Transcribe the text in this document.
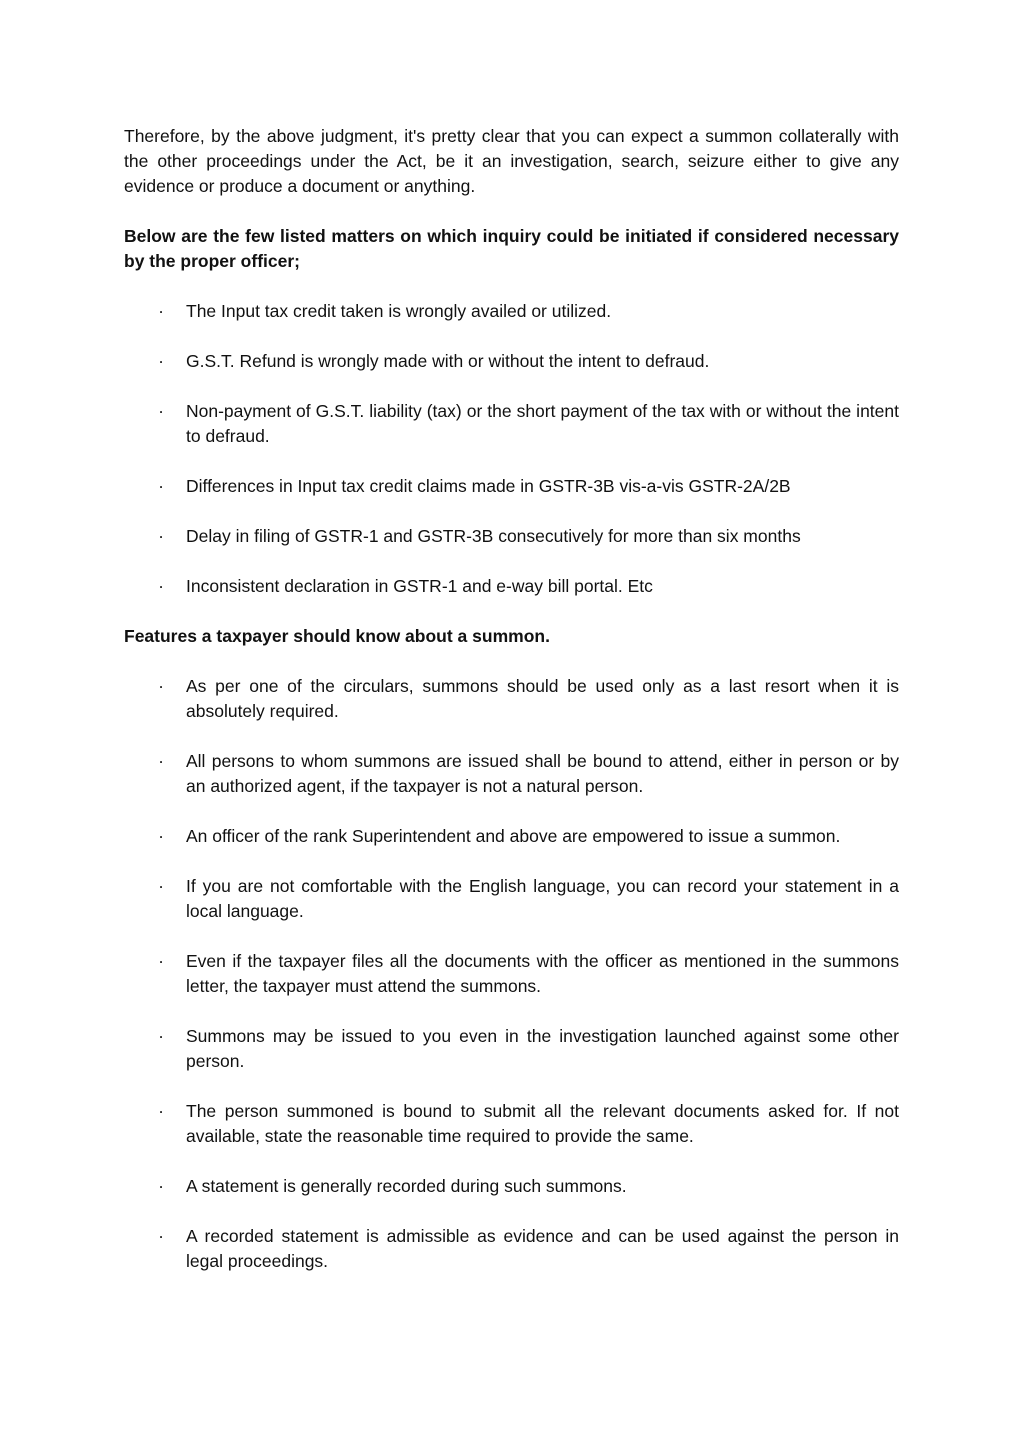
Therefore, by the above judgment, it's pretty clear that you can expect a summon collaterally with the other proceedings under the Act, be it an investigation, search, seizure either to give any evidence or produce a document or anything.

Below are the few listed matters on which inquiry could be initiated if considered necessary by the proper officer;

· The Input tax credit taken is wrongly availed or utilized.
· G.S.T. Refund is wrongly made with or without the intent to defraud.
· Non-payment of G.S.T. liability (tax) or the short payment of the tax with or without the intent to defraud.
· Differences in Input tax credit claims made in GSTR-3B vis-a-vis GSTR-2A/2B
· Delay in filing of GSTR-1 and GSTR-3B consecutively for more than six months
· Inconsistent declaration in GSTR-1 and e-way bill portal. Etc

Features a taxpayer should know about a summon.

· As per one of the circulars, summons should be used only as a last resort when it is absolutely required.
· All persons to whom summons are issued shall be bound to attend, either in person or by an authorized agent, if the taxpayer is not a natural person.
· An officer of the rank Superintendent and above are empowered to issue a summon.
· If you are not comfortable with the English language, you can record your statement in a local language.
· Even if the taxpayer files all the documents with the officer as mentioned in the summons letter, the taxpayer must attend the summons.
· Summons may be issued to you even in the investigation launched against some other person.
· The person summoned is bound to submit all the relevant documents asked for. If not available, state the reasonable time required to provide the same.
· A statement is generally recorded during such summons.
· A recorded statement is admissible as evidence and can be used against the person in legal proceedings.
